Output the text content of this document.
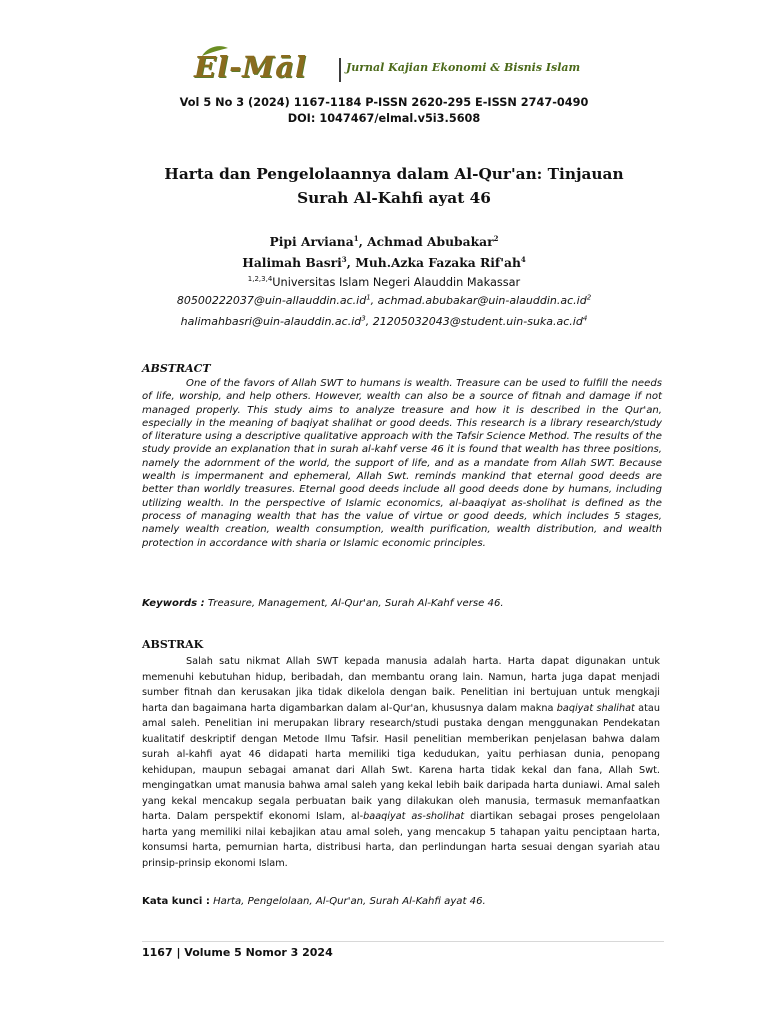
El-Māl	Jurnal Kajian Ekonomi & Bisnis Islam
Vol 5 No 3 (2024) 1167-1184 P-ISSN 2620-295 E-ISSN 2747-0490
DOI: 1047467/elmal.v5i3.5608
Harta dan Pengelolaannya dalam Al-Qur'an: Tinjauan Surah Al-Kahfi ayat 46
Pipi Arviana$^1$, Achmad Abubakar$^2$
Halimah Basri$^3$, Muh.Azka Fazaka $Rif'ah^4$
$^{1,2,3,4}$Universitas Islam Negeri Alauddin Makassar
$80500222037@uin-allauddin.ac.id^1$, $achmad.abubakar@uin-alauddin.ac.id^2$
$halimahbasri@uin-alauddin.ac.id^3$, $21205032043@student.uin-suka.ac.id^4$
ABSTRACT

One of the favors of Allah SWT to humans is wealth. Treasure can be used to fulfill the needs of life, worship, and help others. However, wealth can also be a source of fitnah and damage if not managed properly. This study aims to analyze treasure and how it is described in the Qur'an, especially in the meaning of baqiyat shalihat or good deeds. This research is a library research/study of literature using a descriptive qualitative approach with the Tafsir Science Method. The results of the study provide an explanation that in surah al-kahf verse 46 it is found that wealth has three positions, namely the adornment of the world, the support of life, and as a mandate from Allah SWT. Because wealth is impermanent and ephemeral, Allah Swt. reminds mankind that eternal good deeds are better than worldly treasures. Eternal good deeds include all good deeds done by humans, including utilizing wealth. In the perspective of Islamic economics, al-baaqiyat as-sholihat is defined as the process of managing wealth that has the value of virtue or good deeds, which includes 5 stages, namely wealth creation, wealth consumption, wealth purification, wealth distribution, and wealth protection in accordance with sharia or Islamic economic principles.

Keywords : Treasure, Management, Al-Qur'an, Surah Al-Kahf verse 46.
ABSTRAK

Salah satu nikmat Allah SWT kepada manusia adalah harta. Harta dapat digunakan untuk memenuhi kebutuhan hidup, beribadah, dan membantu orang lain. Namun, harta juga dapat menjadi sumber fitnah dan kerusakan jika tidak dikelola dengan baik. Penelitian ini bertujuan untuk mengkaji harta dan bagaimana harta digambarkan dalam al-Qur'an, khususnya dalam makna baqiyat shalihat atau amal saleh. Penelitian ini merupakan library research/studi pustaka dengan menggunakan Pendekatan kualitatif deskriptif dengan Metode Ilmu Tafsir. Hasil penelitian memberikan penjelasan bahwa dalam surah al-kahfi ayat 46 didapati harta memiliki tiga kedudukan, yaitu perhiasan dunia, penopang kehidupan, maupun sebagai amanat dari Allah Swt. Karena harta tidak kekal dan fana, Allah Swt. mengingatkan umat manusia bahwa amal saleh yang kekal lebih baik daripada harta duniawi. Amal saleh yang kekal mencakup segala perbuatan baik yang dilakukan oleh manusia, termasuk memanfaatkan harta. Dalam perspektif ekonomi Islam, al-baaqiyat as-sholihat diartikan sebagai proses pengelolaan harta yang memiliki nilai kebajikan atau amal soleh, yang mencakup 5 tahapan yaitu penciptaan harta, konsumsi harta, pemurnian harta, distribusi harta, dan perlindungan harta sesuai dengan syariah atau prinsip-prinsip ekonomi Islam.

Kata kunci : Harta, Pengelolaan, Al-Qur'an, Surah Al-Kahfi ayat 46.
1167 | Volume 5 Nomor 3 2024
